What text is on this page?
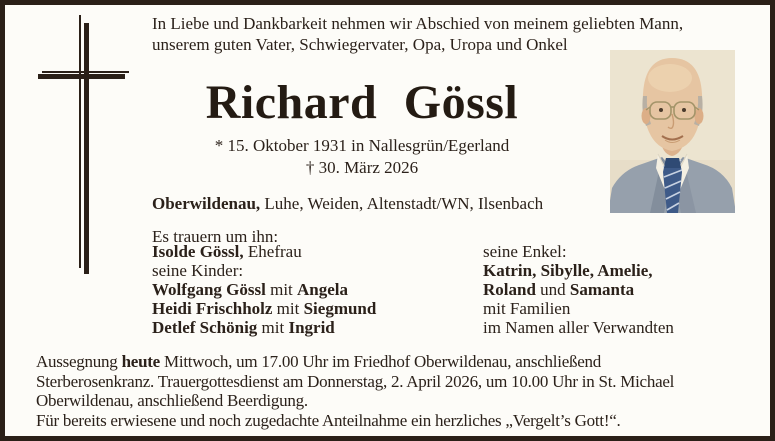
In Liebe und Dankbarkeit nehmen wir Abschied von meinem geliebten Mann,
unserem guten Vater, Schwiegervater, Opa, Uropa und Onkel
Richard Gössl
* 15. Oktober 1931 in Nallesgrün/Egerland
† 30. März 2026
Oberwildenau, Luhe, Weiden, Altenstadt/WN, Ilsenbach
Es trauern um ihn:
Isolde Gössl, Ehefrau
seine Kinder:
Wolfgang Gössl mit Angela
Heidi Frischholz mit Siegmund
Detlef Schönig mit Ingrid
seine Enkel:
Katrin, Sibylle, Amelie,
Roland und Samanta
mit Familien
im Namen aller Verwandten
Aussegnung heute Mittwoch, um 17.00 Uhr im Friedhof Oberwildenau, anschließend
Sterberosenkranz. Trauergottesdienst am Donnerstag, 2. April 2026, um 10.00 Uhr in St. Michael
Oberwildenau, anschließend Beerdigung.
Für bereits erwiesene und noch zugedachte Anteilnahme ein herzliches „Vergelt’s Gott!“.
